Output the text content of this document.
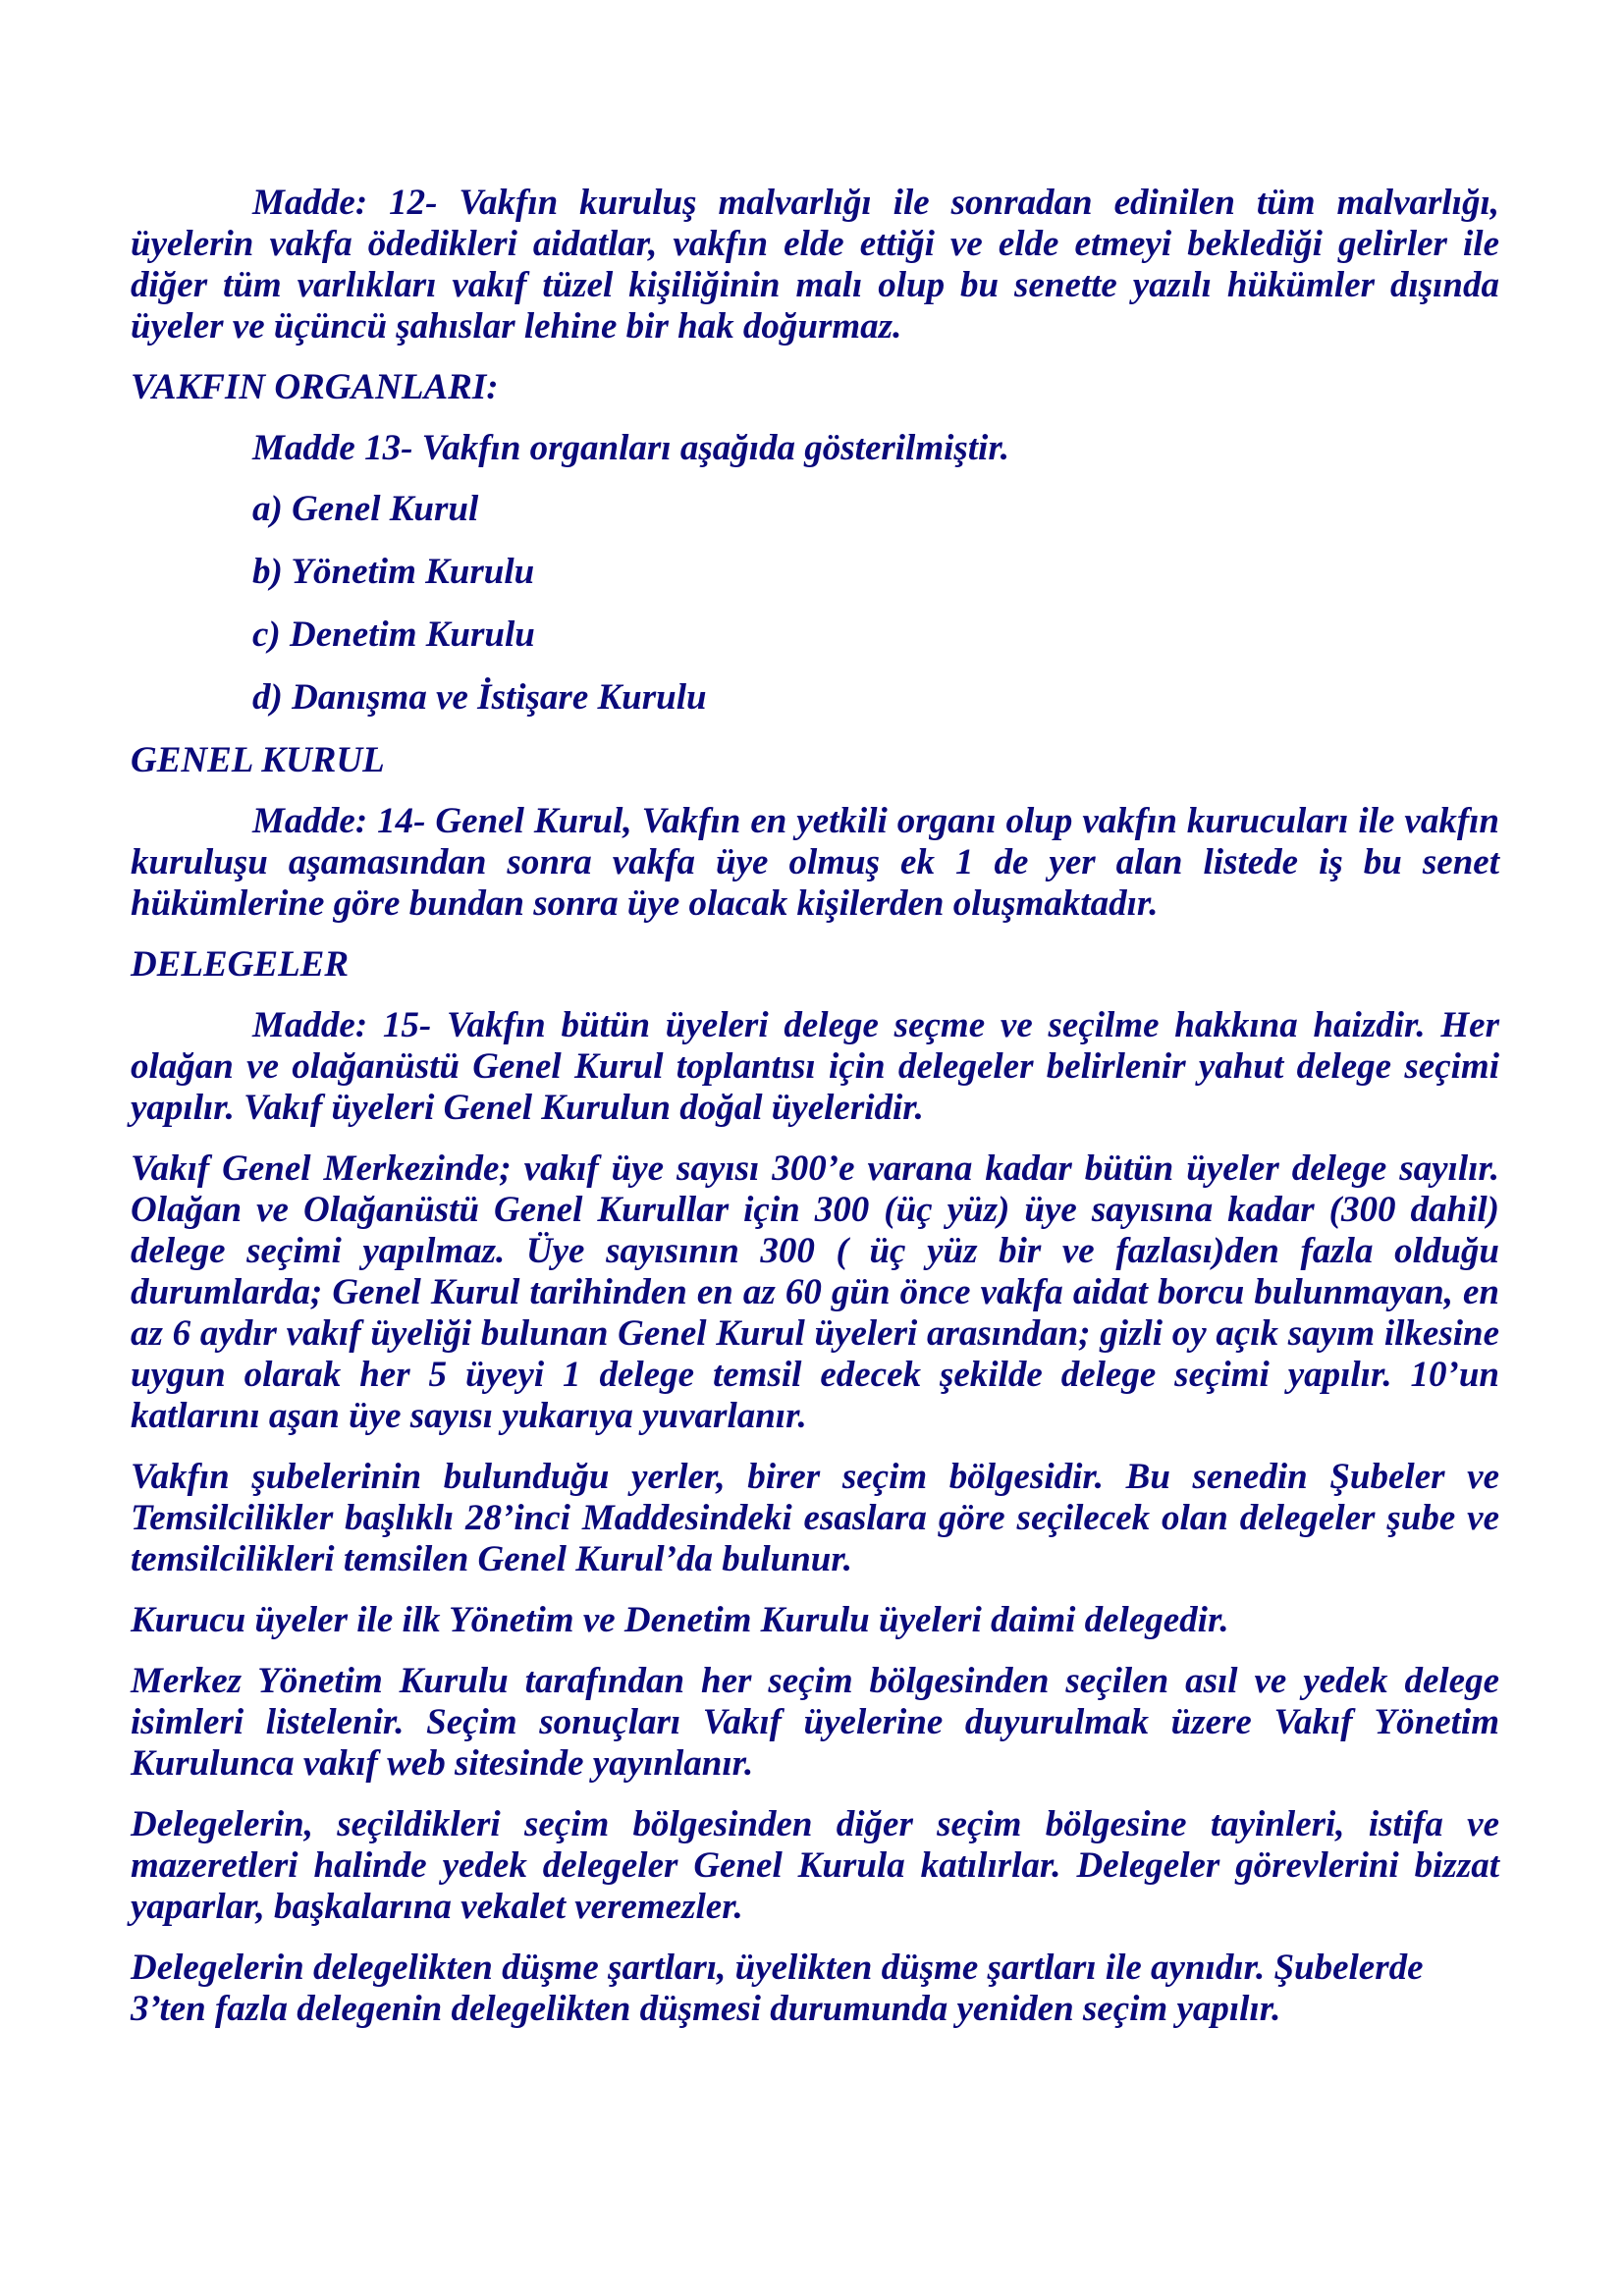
Madde: 12- Vakfın kuruluş malvarlığı ile sonradan edinilen tüm malvarlığı, üyelerin vakfa ödedikleri aidatlar, vakfın elde ettiği ve elde etmeyi beklediği gelirler ile diğer tüm varlıkları vakıf tüzel kişiliğinin malı olup bu senette yazılı hükümler dışında üyeler ve üçüncü şahıslar lehine bir hak doğurmaz.

VAKFIN ORGANLARI:

Madde 13- Vakfın organları aşağıda gösterilmiştir.

a) Genel Kurul

b) Yönetim Kurulu

c) Denetim Kurulu

d) Danışma ve İstişare Kurulu

GENEL KURUL

Madde: 14- Genel Kurul, Vakfın en yetkili organı olup vakfın kurucuları ile vakfın kuruluşu aşamasından sonra vakfa üye olmuş ek 1 de yer alan listede iş bu senet hükümlerine göre bundan sonra üye olacak kişilerden oluşmaktadır.

DELEGELER

Madde: 15- Vakfın bütün üyeleri delege seçme ve seçilme hakkına haizdir. Her olağan ve olağanüstü Genel Kurul toplantısı için delegeler belirlenir yahut delege seçimi yapılır. Vakıf üyeleri Genel Kurulun doğal üyeleridir.

Vakıf Genel Merkezinde; vakıf üye sayısı 300’e varana kadar bütün üyeler delege sayılır. Olağan ve Olağanüstü Genel Kurullar için 300 (üç yüz) üye sayısına kadar (300 dahil) delege seçimi yapılmaz. Üye sayısının 300 ( üç yüz bir ve fazlası)den fazla olduğu durumlarda; Genel Kurul tarihinden en az 60 gün önce vakfa aidat borcu bulunmayan, en az 6 aydır vakıf üyeliği bulunan Genel Kurul üyeleri arasından; gizli oy açık sayım ilkesine uygun olarak her 5 üyeyi 1 delege temsil edecek şekilde delege seçimi yapılır. 10’un katlarını aşan üye sayısı yukarıya yuvarlanır.

Vakfın şubelerinin bulunduğu yerler, birer seçim bölgesidir. Bu senedin Şubeler ve Temsilcilikler başlıklı 28’inci Maddesindeki esaslara göre seçilecek olan delegeler şube ve temsilcilikleri temsilen Genel Kurul’da bulunur.

Kurucu üyeler ile ilk Yönetim ve Denetim Kurulu üyeleri daimi delegedir.

Merkez Yönetim Kurulu tarafından her seçim bölgesinden seçilen asıl ve yedek delege isimleri listelenir. Seçim sonuçları Vakıf üyelerine duyurulmak üzere Vakıf Yönetim Kurulunca vakıf web sitesinde yayınlanır.

Delegelerin, seçildikleri seçim bölgesinden diğer seçim bölgesine tayinleri, istifa ve mazeretleri halinde yedek delegeler Genel Kurula katılırlar. Delegeler görevlerini bizzat yaparlar, başkalarına vekalet veremezler.

Delegelerin delegelikten düşme şartları, üyelikten düşme şartları ile aynıdır. Şubelerde 3’ten fazla delegenin delegelikten düşmesi durumunda yeniden seçim yapılır.
